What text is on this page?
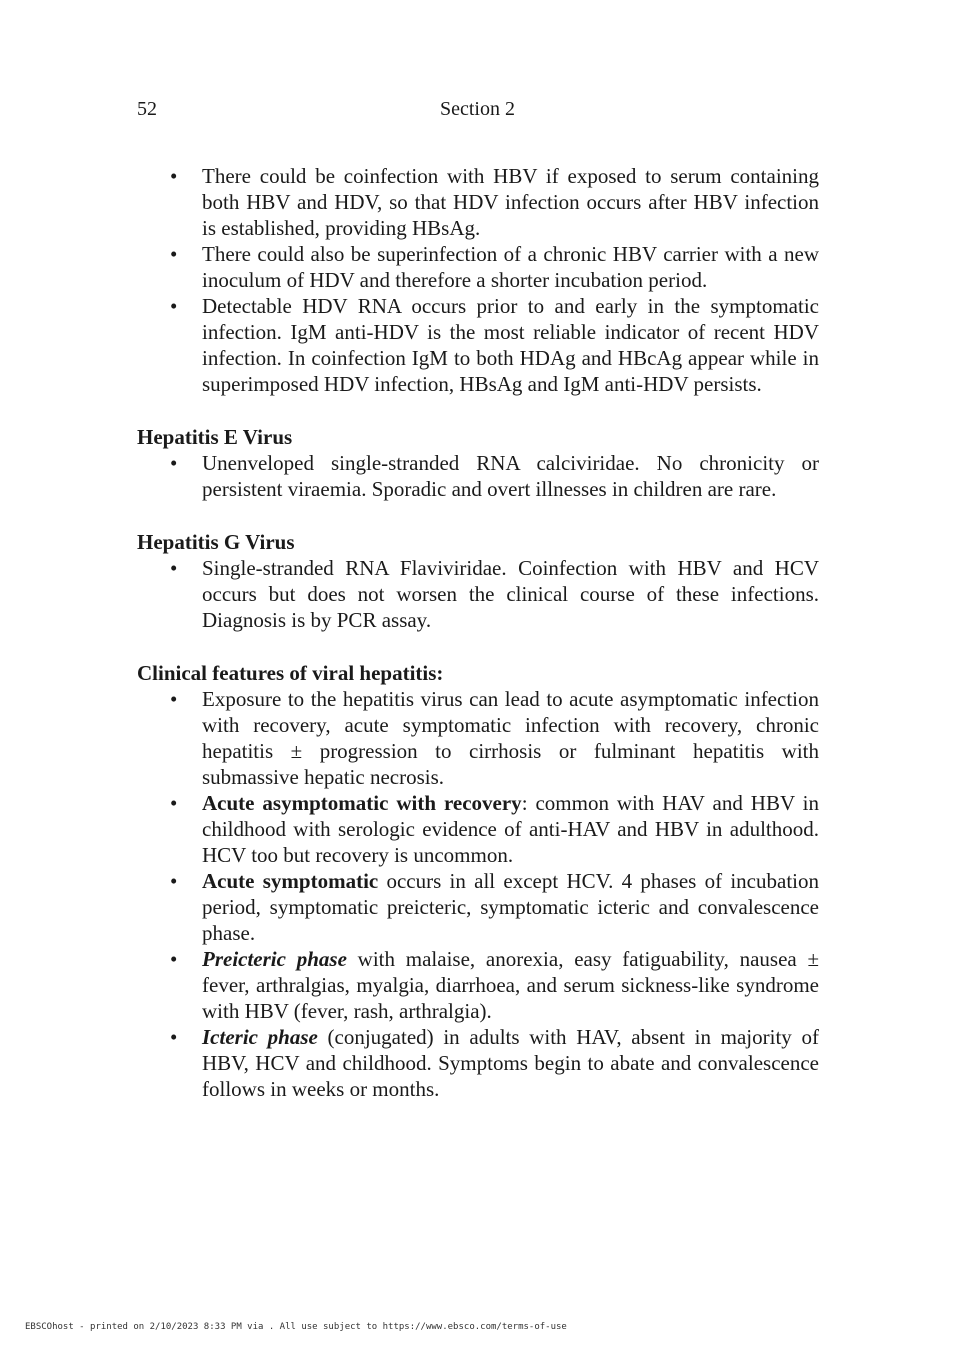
52	Section 2
• There could be coinfection with HBV if exposed to serum containing both HBV and HDV, so that HDV infection occurs after HBV infection is established, providing HBsAg.
• There could also be superinfection of a chronic HBV carrier with a new inoculum of HDV and therefore a shorter incubation period.
• Detectable HDV RNA occurs prior to and early in the symptomatic infection. IgM anti-HDV is the most reliable indicator of recent HDV infection. In coinfection IgM to both HDAg and HBcAg appear while in superimposed HDV infection, HBsAg and IgM anti-HDV persists.

Hepatitis E Virus

• Unenveloped single-stranded RNA calciviridae. No chronicity or persistent viraemia. Sporadic and overt illnesses in children are rare.

Hepatitis G Virus

• Single-stranded RNA Flaviviridae. Coinfection with HBV and HCV occurs but does not worsen the clinical course of these infections. Diagnosis is by PCR assay.

Clinical features of viral hepatitis:

• Exposure to the hepatitis virus can lead to acute asymptomatic infection with recovery, acute symptomatic infection with recovery, chronic hepatitis ± progression to cirrhosis or fulminant hepatitis with submassive hepatic necrosis.
• Acute asymptomatic with recovery: common with HAV and HBV in childhood with serologic evidence of anti-HAV and HBV in adulthood. HCV too but recovery is uncommon.
• Acute symptomatic occurs in all except HCV. 4 phases of incubation period, symptomatic preicteric, symptomatic icteric and convalescence phase.
• Preicteric phase with malaise, anorexia, easy fatiguability, nausea ± fever, arthralgias, myalgia, diarrhoea, and serum sickness-like syndrome with HBV (fever, rash, arthralgia).
• Icteric phase (conjugated) in adults with HAV, absent in majority of HBV, HCV and childhood. Symptoms begin to abate and convalescence follows in weeks or months.
EBSCOhost - printed on 2/10/2023 8:33 PM via . All use subject to https://www.ebsco.com/terms-of-use
